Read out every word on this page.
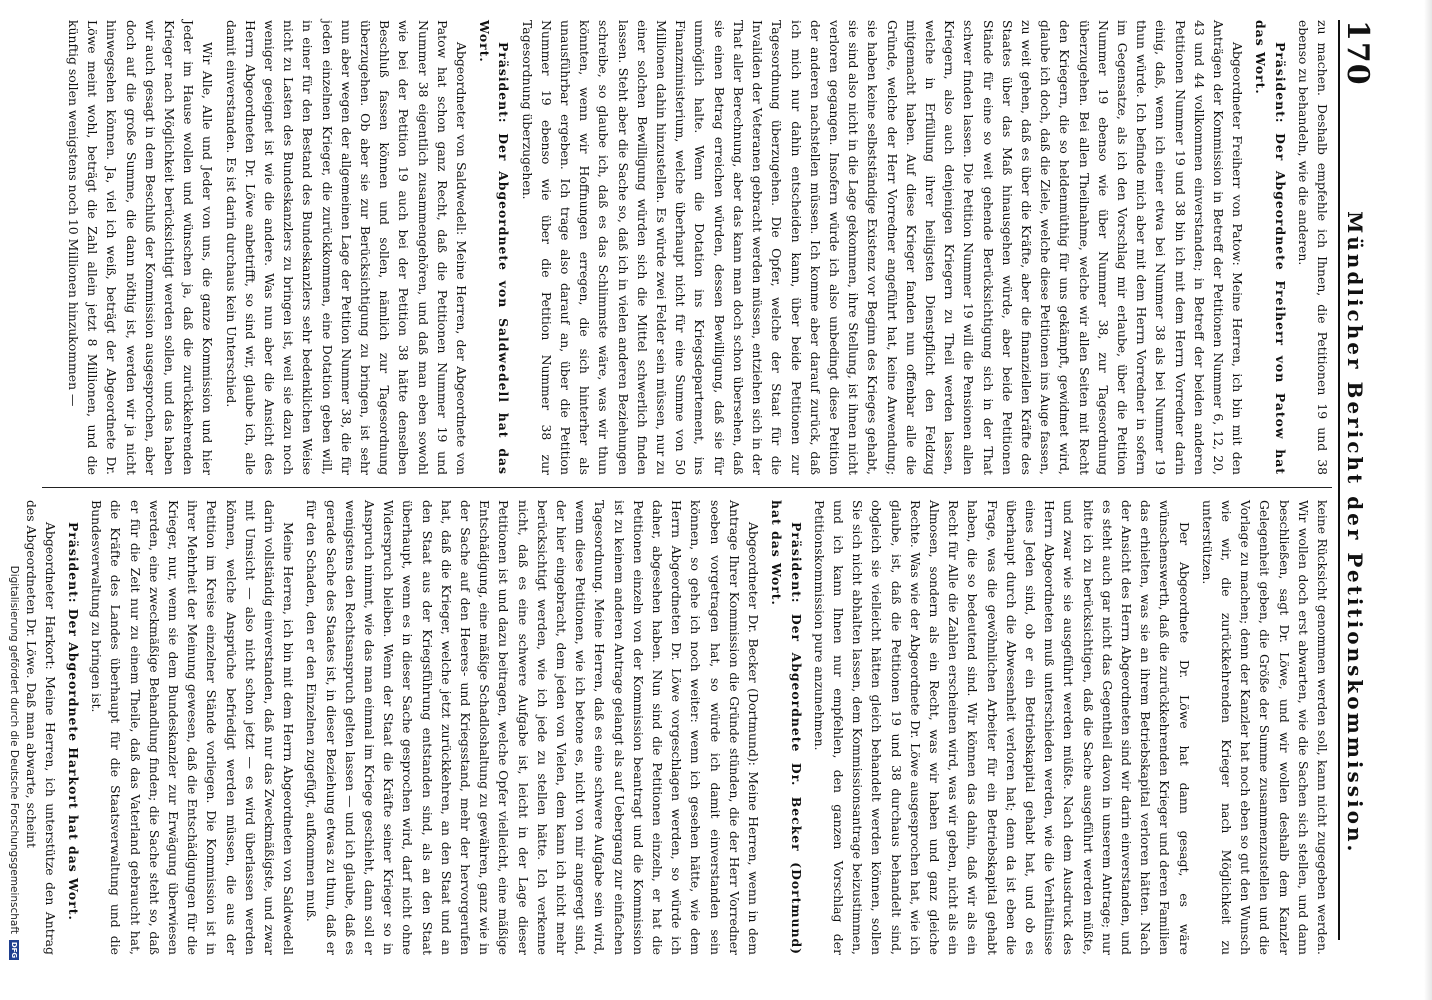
170
Mündlicher Bericht der Petitionskommission.

zu machen. Deshalb empfehle ich Ihnen, die Petitionen 19 und 38 ebenso zu behandeln, wie die anderen.

Präsident: Der Abgeordnete Freiherr von Patow hat das Wort.

Abgeordneter Freiherr von Patow: Meine Herren, ich bin mit den Anträgen der Kommission in Betreff der Petitionen Nummer 6, 12, 20, 43 und 44 vollkommen einverstanden; in Betreff der beiden anderen Petitionen Nummer 19 und 38 bin ich mit dem Herrn Vorredner darin einig, daß, wenn ich einer etwa bei Nummer 38 als bei Nummer 19 thun würde. Ich befinde mich aber mit dem Herrn Vorredner in sofern im Gegensatze, als ich den Vorschlag mir erlaube, über die Petition Nummer 19 ebenso wie über Nummer 38, zur Tagesordnung überzugehen. Bei allen Theilnahme, welche wir allen Seiten mit Recht den Kriegern, die so heldenmüthig für uns gekämpft, gewidmet wird, glaube ich doch, daß die Ziele, welche diese Petitionen ins Auge fassen, zu weit gehen, daß es über die Kräfte, aber die finanziellen Kräfte des Staates über das Maß hinausgehen würde, aber beide Petitionen Stände für eine so weit gehende Berücksichtigung sich in der That schwer finden lassen. Die Petition Nummer 19 will die Pensionen allen Kriegern, also auch denjenigen Kriegern zu Theil werden lassen, welche in Erfüllung ihrer heiligsten Dienstpflicht den Feldzug mitgemacht haben. Auf diese Krieger fanden nun offenbar alle die Gründe, welche der Herr Vorredner angeführt hat, keine Anwendung; sie haben keine selbstständige Existenz vor Beginn des Krieges gehabt, sie sind also nicht in die Lage gekommen, ihre Stellung, ist ihnen nicht verloren gegangen. Insofern würde ich also unbedingt diese Petition der anderen nachstellen müssen. Ich komme aber darauf zurück, daß ich mich nur dahin entscheiden kann, über beide Petitionen zur Tagesordnung überzugehen. Die Opfer, welche der Staat für die Invaliden der Veteranen gebracht werden müssen, entziehen sich in der That aller Berechnung, aber das kann man doch schon übersehen, daß sie einen Betrag erreichen würden, dessen Bewilligung, daß sie für unmöglich halte. Wenn die Dotation ins Kriegsdepartement, ins Finanzministerium, welche überhaupt nicht für eine Summe von 50 Millionen dahin hinzustellen. Es würde zwei Felder sein müssen, nur zu einer solchen Bewilligung würden sich die Mittel schwerlich finden lassen. Steht aber die Sache so, daß ich in vielen anderen Beziehungen schreibe, so glaube ich, daß es das Schlimmste wäre, was wir thun könnten, wenn wir Hoffnungen erregen, die sich hinterher als unausführbar ergeben. Ich trage also darauf an, über die Petition Nummer 19 ebenso wie über die Petition Nummer 38 zur Tagesordnung überzugehen.

Präsident: Der Abgeordnete von Saldwedell hat das Wort.

Abgeordneter von Saldwedell: Meine Herren, der Abgeordnete von Patow hat schon ganz Recht, daß die Petitionen Nummer 19 und Nummer 38 eigentlich zusammengehören, und daß man eben sowohl wie bei der Petition 19 auch bei der Petition 38 hätte denselben Beschluß fassen können und sollen, nämlich zur Tagesordnung überzugehen. Ob aber sie zur Berücksichtigung zu bringen, ist sehr nun aber wegen der allgemeinen Lage der Petition Nummer 38, die für jeden einzelnen Krieger, die zurückkommen, eine Dotation geben will, in einer für den Bestand des Bundeskanzlers sehr bedenklichen Weise nicht zu Lasten des Bundeskanzlers zu bringen ist, weil sie dazu noch weniger geeignet ist wie die andere. Was nun aber die Ansicht des Herrn Abgeordneten Dr. Löwe anbetrifft, so sind wir, glaube ich, alle damit einverstanden. Es ist darin durchaus kein Unterschied.

Wir Alle, Alle und Jeder von uns, die ganze Kommission und hier Jeder im Hause wollen und wünschen ja, daß die zurückkehrenden Krieger nach Möglichkeit berücksichtigt werden sollen, und das haben wir auch gesagt in dem Beschluß der Kommission ausgesprochen, aber doch auf die große Summe, die dann nöthig ist, werden wir ja nicht hinwegsehen können. Ja, viel ich weiß, beträgt der Abgeordnete Dr. Löwe meint wohl, beträgt die Zahl allein jetzt 8 Millionen, und die künftig sollen wenigstens noch 10 Millionen hinzukommen —

keine Rücksicht genommen werden soll, kann nicht zugegeben werden. Wir wollen doch erst abwarten, wie die Sachen sich stellen, und dann beschließen, sagt Dr. Löwe, und wir wollen deshalb dem Kanzler Gelegenheit geben, die Größe der Summe zusammenzustellen und die Vorlage zu machen; denn der Kanzler hat noch eben so gut den Wunsch wie wir, die zurückkehrenden Krieger nach Möglichkeit zu unterstützen.

Der Abgeordnete Dr. Löwe hat dann gesagt, es wäre wünschenswerth, daß die zurückkehrenden Krieger und deren Familien das erhielten, was sie an ihrem Betriebskapital verloren hätten. Nach der Ansicht des Herrn Abgeordneten sind wir darin einverstanden, und es steht auch gar nicht das Gegentheil davon in unserem Antrage; nur bitte ich zu berücksichtigen, daß die Sache ausgeführt werden müßte, und zwar wie sie ausgeführt werden müßte. Nach dem Ausdruck des Herrn Abgeordneten muß unterschieden werden, wie die Verhältnisse eines Jeden sind, ob er ein Betriebskapital gehabt hat, und ob es überhaupt durch die Abwesenheit verloren hat; denn da ist eben die Frage, was die gewöhnlichen Arbeiter für ein Betriebskapital gehabt haben, die so bedeutend sind. Wir können das dahin, daß wir als ein Recht für Alle die Zahlen erscheinen wird, was wir geben, nicht als ein Almosen, sondern als ein Recht, was wir haben und ganz gleiche Rechte. Was wie der Abgeordnete Dr. Löwe ausgesprochen hat, wie ich glaube, ist, daß die Petitionen 19 und 38 durchaus behandelt sind, obgleich sie vielleicht hätten gleich behandelt werden können, sollen Sie sich nicht abhalten lassen, dem Kommissionsantrage beizustimmen, und ich kann Ihnen nur empfehlen, den ganzen Vorschlag der Petitionskommission pure anzunehmen.

Präsident: Der Abgeordnete Dr. Becker (Dortmund) hat das Wort.

Abgeordneter Dr. Becker (Dortmund): Meine Herren, wenn in dem Antrage Ihrer Kommission die Gründe stünden, die der Herr Vorredner soeben vorgetragen hat, so würde ich damit einverstanden sein können, so gehe ich noch weiter: wenn ich gesehen hätte, wie dem Herrn Abgeordneten Dr. Löwe vorgeschlagen werden, so würde ich daher, abgesehen haben. Nun sind die Petitionen einzeln, er hat die Petitionen einzeln von der Kommission beantragt und die Kommission ist zu keinem anderen Antrage gelangt als auf Uebergang zur einfachen Tagesordnung. Meine Herren, daß es eine schwere Aufgabe sein wird, wenn diese Petitionen, wie ich betone es, nicht von mir angeregt sind, der hier eingebracht, dem jeden von Vielen, dem kann ich nicht mehr berücksichtigt werden, wie ich jede zu stellen hätte. Ich verkenne nicht, daß es eine schwere Aufgabe ist, leicht in der Lage dieser Petitionen ist und dazu beitragen, welche Opfer vielleicht, eine mäßige Entschädigung, eine mäßige Schadloshaltung zu gewähren, ganz wie in der Sache auf den Heeres- und Kriegsstand, mehr der hervorgerufen hat, daß die Krieger, welche jetzt zurückkehren, an den Staat und an den Staat aus der Kriegsführung entstanden sind, als an den Staat überhaupt, wenn es in dieser Sache gesprochen wird, darf nicht ohne Widerspruch bleiben. Wenn der Staat die Kräfte seiner Krieger so in Anspruch nimmt, wie das man einmal im Kriege geschieht, dann soll er wenigstens den Rechtsanspruch gelten lassen — und ich glaube, daß es gerade Sache des Staates ist, in dieser Beziehung etwas zu thun, daß er für den Schaden, den er den Einzelnen zugefügt, aufkommen muß.

Meine Herren, ich bin mit dem Herrn Abgeordneten von Saldwedell darin vollständig einverstanden, daß nur das Zweckmäßigste, und zwar mit Umsicht — also nicht schon jetzt — es wird überlassen werden können, welche Ansprüche befriedigt werden müssen, die aus der Petition im Kreise einzelner Stände vorliegen. Die Kommission ist in ihrer Mehrheit der Meinung gewesen, daß die Entschädigungen für die Krieger, nur, wenn sie dem Bundeskanzler zur Erwägung überwiesen werden, eine zweckmäßige Behandlung finden; die Sache steht so, daß er für die Zeit nur zu einem Theile, daß das Vaterland gebraucht hat, die Kräfte des Landes überhaupt für die Staatsverwaltung und die Bundesverwaltung zu bringen ist.

Präsident: Der Abgeordnete Harkort hat das Wort.

Abgeordneter Harkort: Meine Herren, ich unterstütze den Antrag des Abgeordneten Dr. Löwe. Daß man abwarte, scheint

Digitalisierung gefördert durch die Deutsche Forschungsgemeinschaft
DFG
